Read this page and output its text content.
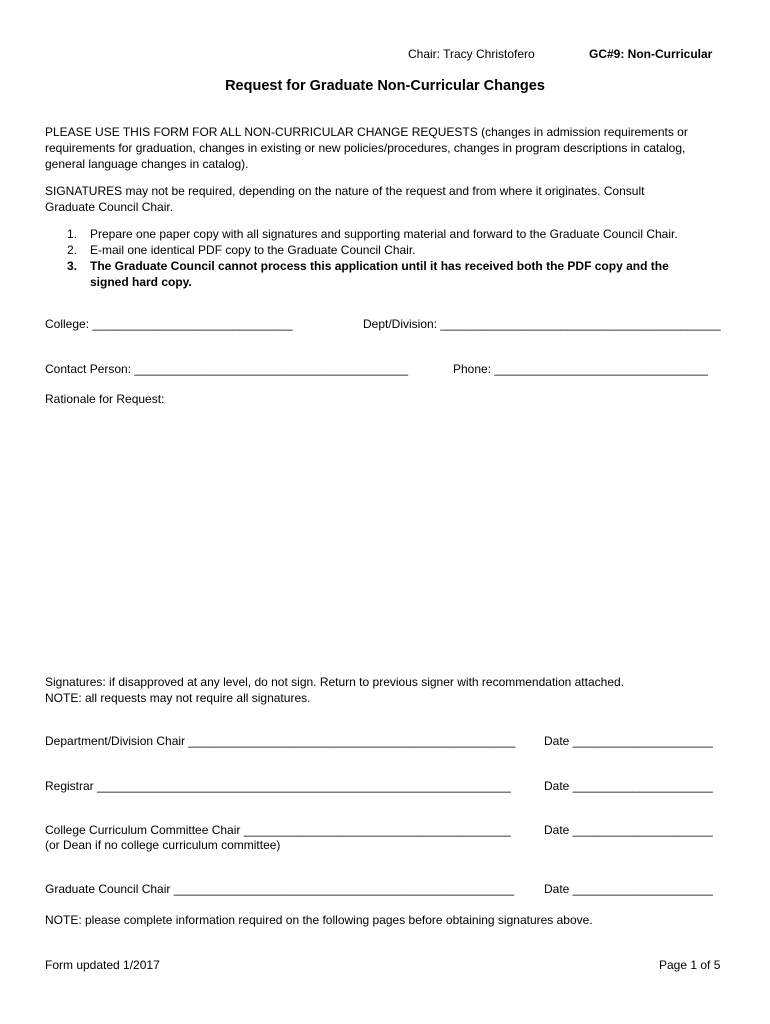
Chair: Tracy Christofero	GC#9: Non-Curricular
Request for Graduate Non-Curricular Changes
PLEASE USE THIS FORM FOR ALL NON-CURRICULAR CHANGE REQUESTS (changes in admission requirements or
requirements for graduation, changes in existing or new policies/procedures, changes in program descriptions in catalog,
general language changes in catalog).
SIGNATURES may not be required, depending on the nature of the request and from where it originates. Consult
Graduate Council Chair.
1. Prepare one paper copy with all signatures and supporting material and forward to the Graduate Council Chair.
2. E-mail one identical PDF copy to the Graduate Council Chair.
3. The Graduate Council cannot process this application until it has received both the PDF copy and the
signed hard copy.
College: ______________________________	Dept/Division: __________________________________________
Contact Person: _________________________________________	Phone: ________________________________
Rationale for Request:
Signatures: if disapproved at any level, do not sign. Return to previous signer with recommendation attached.
NOTE: all requests may not require all signatures.
Department/Division Chair _________________________________________________ Date _____________________
Registrar ______________________________________________________________	Date _____________________
College Curriculum Committee Chair ________________________________________	Date _____________________
(or Dean if no college curriculum committee)
Graduate Council Chair ___________________________________________________ Date _____________________
NOTE: please complete information required on the following pages before obtaining signatures above.
Form updated 1/2017	Page 1 of 5
